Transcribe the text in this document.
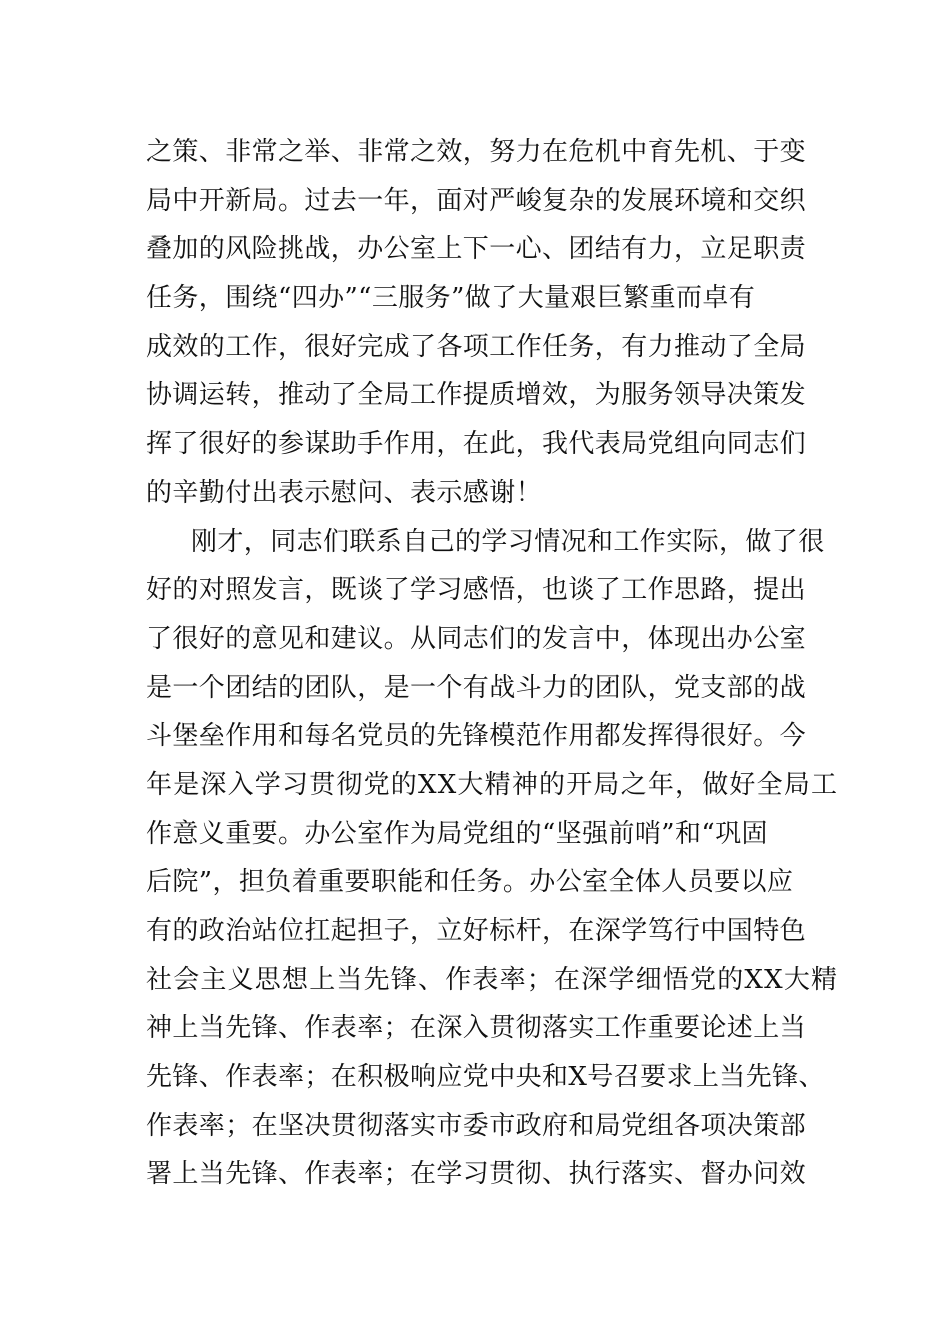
之策、非常之举、非常之效，努力在危机中育先机、于变
局中开新局。过去一年，面对严峻复杂的发展环境和交织
叠加的风险挑战，办公室上下一心、团结有力，立足职责
任务，围绕“四办”“三服务”做了大量艰巨繁重而卓有
成效的工作，很好完成了各项工作任务，有力推动了全局
协调运转，推动了全局工作提质增效，为服务领导决策发
挥了很好的参谋助手作用，在此，我代表局党组向同志们
的辛勤付出表示慰问、表示感谢！
刚才，同志们联系自己的学习情况和工作实际，做了很
好的对照发言，既谈了学习感悟，也谈了工作思路，提出
了很好的意见和建议。从同志们的发言中，体现出办公室
是一个团结的团队，是一个有战斗力的团队，党支部的战
斗堡垒作用和每名党员的先锋模范作用都发挥得很好。今
年是深入学习贯彻党的XX大精神的开局之年，做好全局工
作意义重要。办公室作为局党组的“坚强前哨”和“巩固
后院”，担负着重要职能和任务。办公室全体人员要以应
有的政治站位扛起担子，立好标杆，在深学笃行中国特色
社会主义思想上当先锋、作表率；在深学细悟党的XX大精
神上当先锋、作表率；在深入贯彻落实工作重要论述上当
先锋、作表率；在积极响应党中央和X号召要求上当先锋、
作表率；在坚决贯彻落实市委市政府和局党组各项决策部
署上当先锋、作表率；在学习贯彻、执行落实、督办问效
